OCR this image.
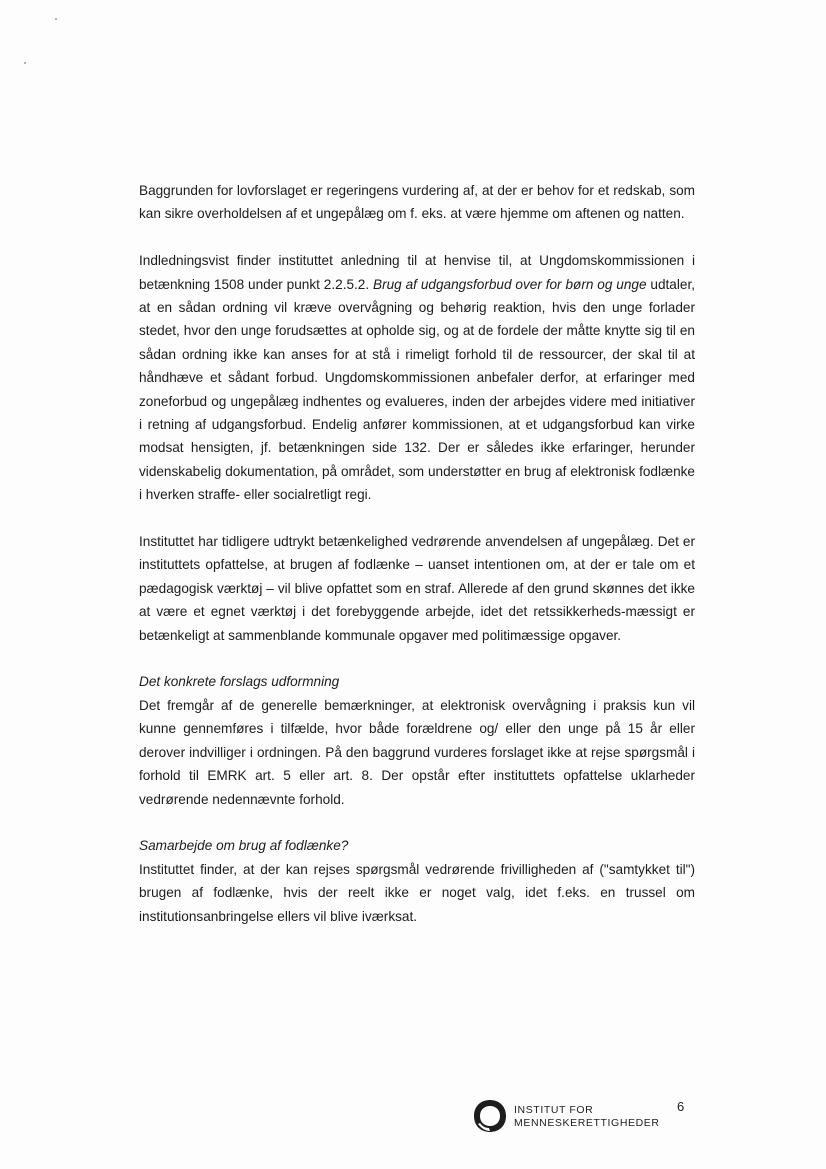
Baggrunden for lovforslaget er regeringens vurdering af, at der er behov for et redskab, som kan sikre overholdelsen af et ungepålæg om f. eks. at være hjemme om aftenen og natten.

Indledningsvist finder instituttet anledning til at henvise til, at Ungdomskommissionen i betænkning 1508 under punkt 2.2.5.2. Brug af udgangsforbud over for børn og unge udtaler, at en sådan ordning vil kræve overvågning og behørig reaktion, hvis den unge forlader stedet, hvor den unge forudsættes at opholde sig, og at de fordele der måtte knytte sig til en sådan ordning ikke kan anses for at stå i rimeligt forhold til de ressourcer, der skal til at håndhæve et sådant forbud. Ungdomskommissionen anbefaler derfor, at erfaringer med zoneforbud og ungepålæg indhentes og evalueres, inden der arbejdes videre med initiativer i retning af udgangsforbud. Endelig anfører kommissionen, at et udgangsforbud kan virke modsat hensigten, jf. betænkningen side 132. Der er således ikke erfaringer, herunder videnskabelig dokumentation, på området, som understøtter en brug af elektronisk fodlænke i hverken straffe- eller socialretligt regi.

Instituttet har tidligere udtrykt betænkelighed vedrørende anvendelsen af ungepålæg. Det er instituttets opfattelse, at brugen af fodlænke – uanset intentionen om, at der er tale om et pædagogisk værktøj – vil blive opfattet som en straf. Allerede af den grund skønnes det ikke at være et egnet værktøj i det forebyggende arbejde, idet det retssikkerheds-mæssigt er betænkeligt at sammenblande kommunale opgaver med politimæssige opgaver.

Det konkrete forslags udformning

Det fremgår af de generelle bemærkninger, at elektronisk overvågning i praksis kun vil kunne gennemføres i tilfælde, hvor både forældrene og/ eller den unge på 15 år eller derover indvilliger i ordningen. På den baggrund vurderes forslaget ikke at rejse spørgsmål i forhold til EMRK art. 5 eller art. 8. Der opstår efter instituttets opfattelse uklarheder vedrørende nedennævnte forhold.

Samarbejde om brug af fodlænke?

Instituttet finder, at der kan rejses spørgsmål vedrørende frivilligheden af ("samtykket til") brugen af fodlænke, hvis der reelt ikke er noget valg, idet f.eks. en trussel om institutionsanbringelse ellers vil blive iværksat.

INSTITUT FOR
MENNESKERETTIGHEDER
6
